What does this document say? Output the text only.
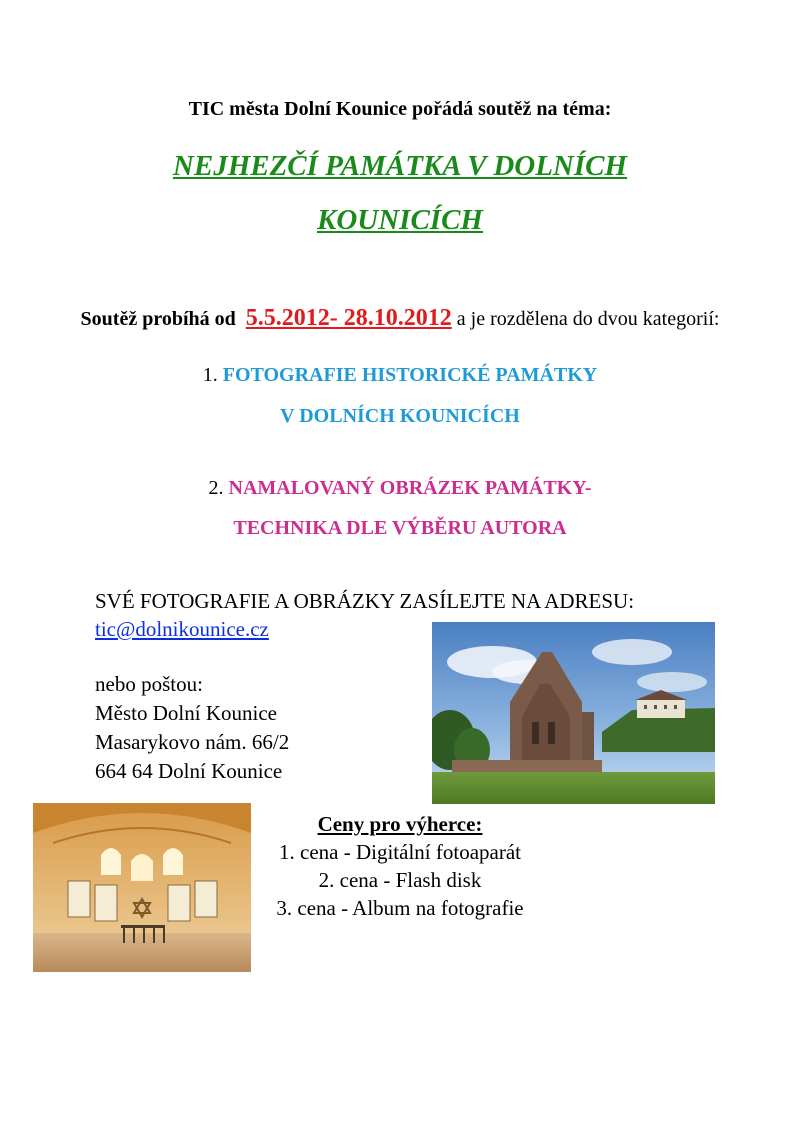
TIC města Dolní Kounice pořádá soutěž na téma:
NEJHEZČÍ PAMÁTKA V DOLNÍCH
KOUNICÍCH
Soutěž probíhá od 5.5.2012- 28.10.2012 a je rozdělena do dvou kategorií:
1. FOTOGRAFIE HISTORICKÉ PAMÁTKY
V DOLNÍCH KOUNICÍCH
2. NAMALOVANÝ OBRÁZEK PAMÁTKY-
TECHNIKA DLE VÝBĚRU AUTORA
SVÉ FOTOGRAFIE A OBRÁZKY ZASÍLEJTE NA ADRESU: tic@dolnikounice.cz
nebo poštou:
Město Dolní Kounice
Masarykovo nám. 66/2
664 64 Dolní Kounice
Ceny pro výherce:
1. cena - Digitální fotoaparát
2. cena - Flash disk
3. cena - Album na fotografie
